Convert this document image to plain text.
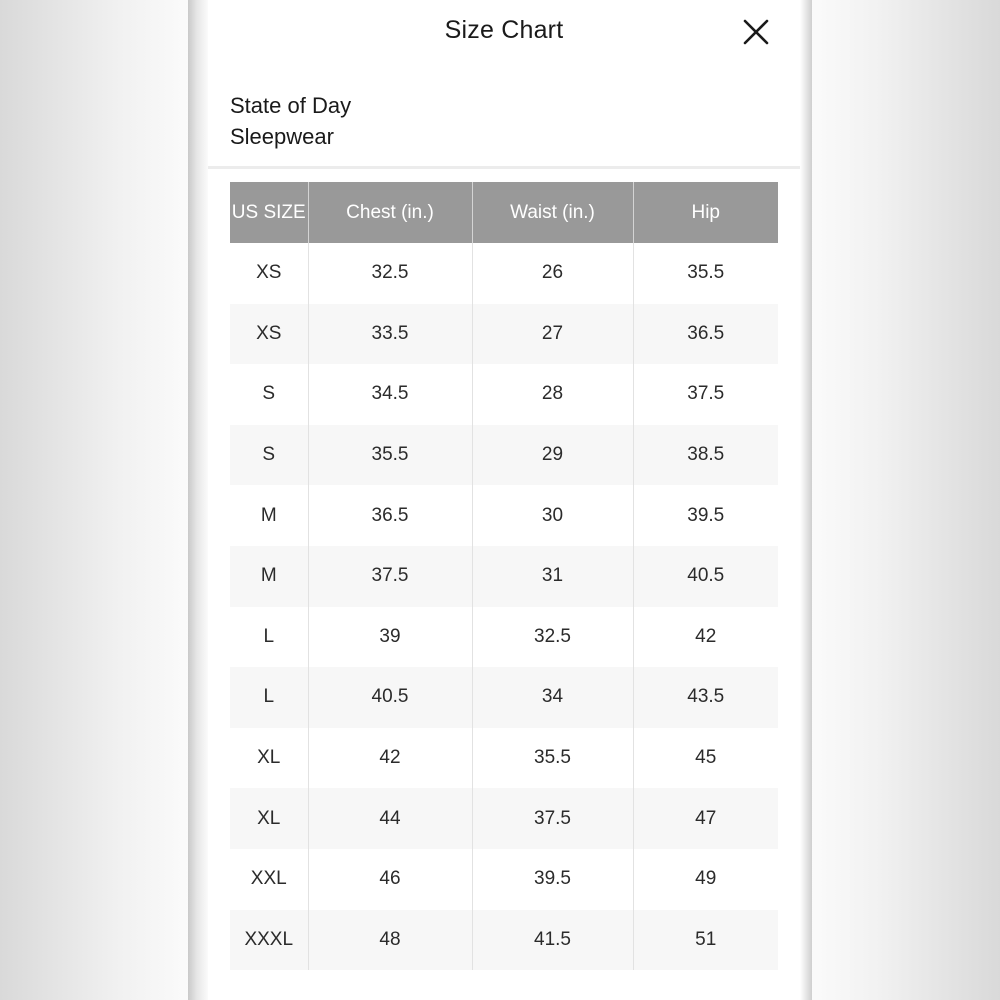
Size Chart
State of Day
Sleepwear
US SIZE	Chest (in.)	Waist (in.)	Hip
XS	32.5	26	35.5
XS	33.5	27	36.5
S	34.5	28	37.5
S	35.5	29	38.5
M	36.5	30	39.5
M	37.5	31	40.5
L	39	32.5	42
L	40.5	34	43.5
XL	42	35.5	45
XL	44	37.5	47
XXL	46	39.5	49
XXXL	48	41.5	51
